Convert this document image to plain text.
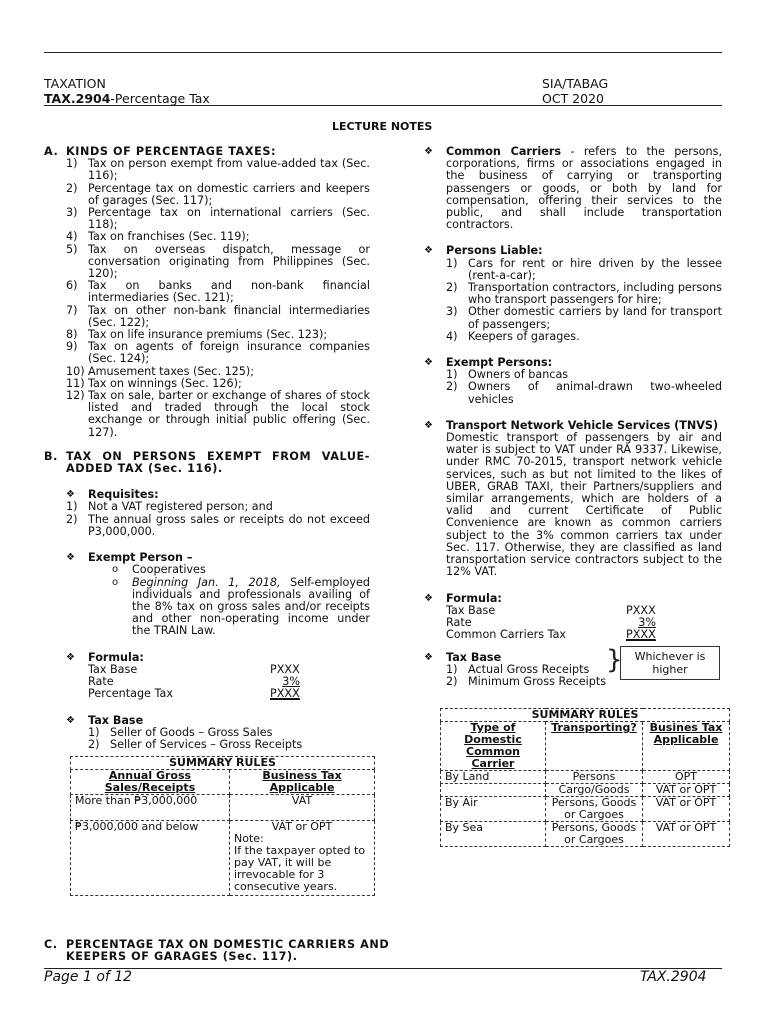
TAXATION
TAX.2904-Percentage Tax
SIA/TABAG
OCT 2020
LECTURE NOTES
A. KINDS OF PERCENTAGE TAXES:
1) Tax on person exempt from value-added tax (Sec. 116);
2) Percentage tax on domestic carriers and keepers of garages (Sec. 117);
3) Percentage tax on international carriers (Sec. 118);
4) Tax on franchises (Sec. 119);
5) Tax on overseas dispatch, message or conversation originating from Philippines (Sec. 120);
6) Tax on banks and non-bank financial intermediaries (Sec. 121);
7) Tax on other non-bank financial intermediaries (Sec. 122);
8) Tax on life insurance premiums (Sec. 123);
9) Tax on agents of foreign insurance companies (Sec. 124);
10) Amusement taxes (Sec. 125);
11) Tax on winnings (Sec. 126);
12) Tax on sale, barter or exchange of shares of stock listed and traded through the local stock exchange or through initial public offering (Sec. 127).
B. TAX ON PERSONS EXEMPT FROM VALUE-ADDED TAX (Sec. 116).
❖ Requisites:
1) Not a VAT registered person; and
2) The annual gross sales or receipts do not exceed P3,000,000.
❖ Exempt Person –
o Cooperatives
o Beginning Jan. 1, 2018, Self-employed individuals and professionals availing of the 8% tax on gross sales and/or receipts and other non-operating income under the TRAIN Law.
❖ Formula:
Tax Base	PXXX
Rate	3%
Percentage Tax	PXXX
❖ Tax Base
1) Seller of Goods – Gross Sales
2) Seller of Services – Gross Receipts
SUMMARY RULES	
Annual Gross Sales/Receipts	Business Tax Applicable
More than ₱3,000,000	VAT
₱3,000,000 and below	VAT or OPT
Note:
If the taxpayer opted to pay VAT, it will be irrevocable for 3 consecutive years.
C. PERCENTAGE TAX ON DOMESTIC CARRIERS AND KEEPERS OF GARAGES (Sec. 117).
❖ Common Carriers - refers to the persons, corporations, firms or associations engaged in the business of carrying or transporting passengers or goods, or both by land for compensation, offering their services to the public, and shall include transportation contractors.
❖ Persons Liable:
1) Cars for rent or hire driven by the lessee (rent-a-car);
2) Transportation contractors, including persons who transport passengers for hire;
3) Other domestic carriers by land for transport of passengers;
4) Keepers of garages.
❖ Exempt Persons:
1) Owners of bancas
2) Owners of animal-drawn two-wheeled vehicles
❖ Transport Network Vehicle Services (TNVS)
Domestic transport of passengers by air and water is subject to VAT under RA 9337. Likewise, under RMC 70-2015, transport network vehicle services, such as but not limited to the likes of UBER, GRAB TAXI, their Partners/suppliers and similar arrangements, which are holders of a valid and current Certificate of Public Convenience are known as common carriers subject to the 3% common carriers tax under Sec. 117. Otherwise, they are classified as land transportation service contractors subject to the 12% VAT.
❖ Formula:
Tax Base	PXXX
Rate	3%
Common Carriers Tax	PXXX
❖ Tax Base
1) Actual Gross Receipts
2) Minimum Gross Receipts
}	Whichever is higher
SUMMARY RULES		
Type of Domestic Common Carrier	Transporting?	Busines Tax Applicable
By Land	Persons	OPT
	Cargo/Goods	VAT or OPT
By Air	Persons, Goods or Cargoes	VAT or OPT
By Sea	Persons, Goods or Cargoes	VAT or OPT
Page 1 of 12	TAX.2904
